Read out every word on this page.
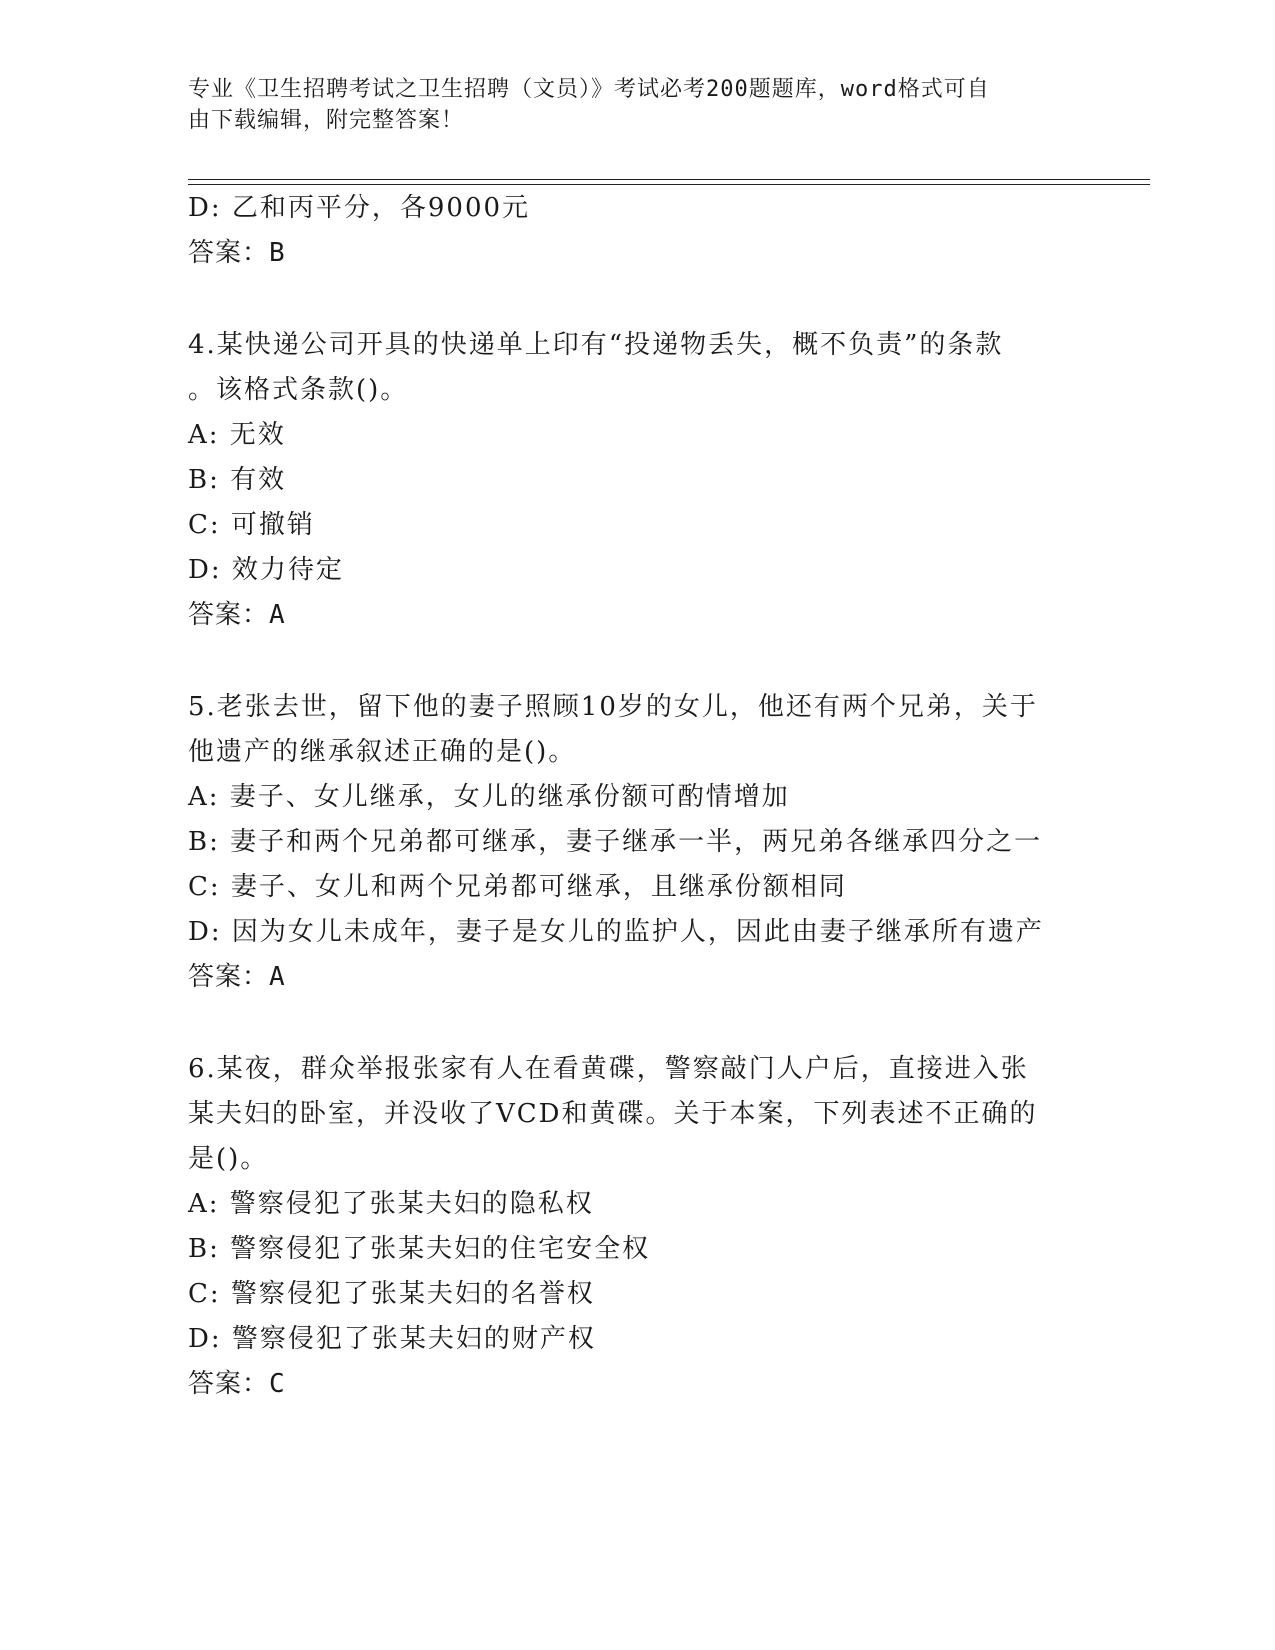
专业《卫生招聘考试之卫生招聘（文员）》考试必考200题题库，word格式可自
由下载编辑，附完整答案！
D: 乙和丙平分，各9000元
答案：B
4.某快递公司开具的快递单上印有“投递物丢失，概不负责”的条款
。该格式条款()。
A: 无效
B: 有效
C: 可撤销
D: 效力待定
答案：A
5.老张去世，留下他的妻子照顾10岁的女儿，他还有两个兄弟，关于
他遗产的继承叙述正确的是()。
A: 妻子、女儿继承，女儿的继承份额可酌情增加
B: 妻子和两个兄弟都可继承，妻子继承一半，两兄弟各继承四分之一
C: 妻子、女儿和两个兄弟都可继承，且继承份额相同
D: 因为女儿未成年，妻子是女儿的监护人，因此由妻子继承所有遗产
答案：A
6.某夜，群众举报张家有人在看黄碟，警察敲门人户后，直接进入张
某夫妇的卧室，并没收了VCD和黄碟。关于本案，下列表述不正确的
是()。
A: 警察侵犯了张某夫妇的隐私权
B: 警察侵犯了张某夫妇的住宅安全权
C: 警察侵犯了张某夫妇的名誉权
D: 警察侵犯了张某夫妇的财产权
答案：C
